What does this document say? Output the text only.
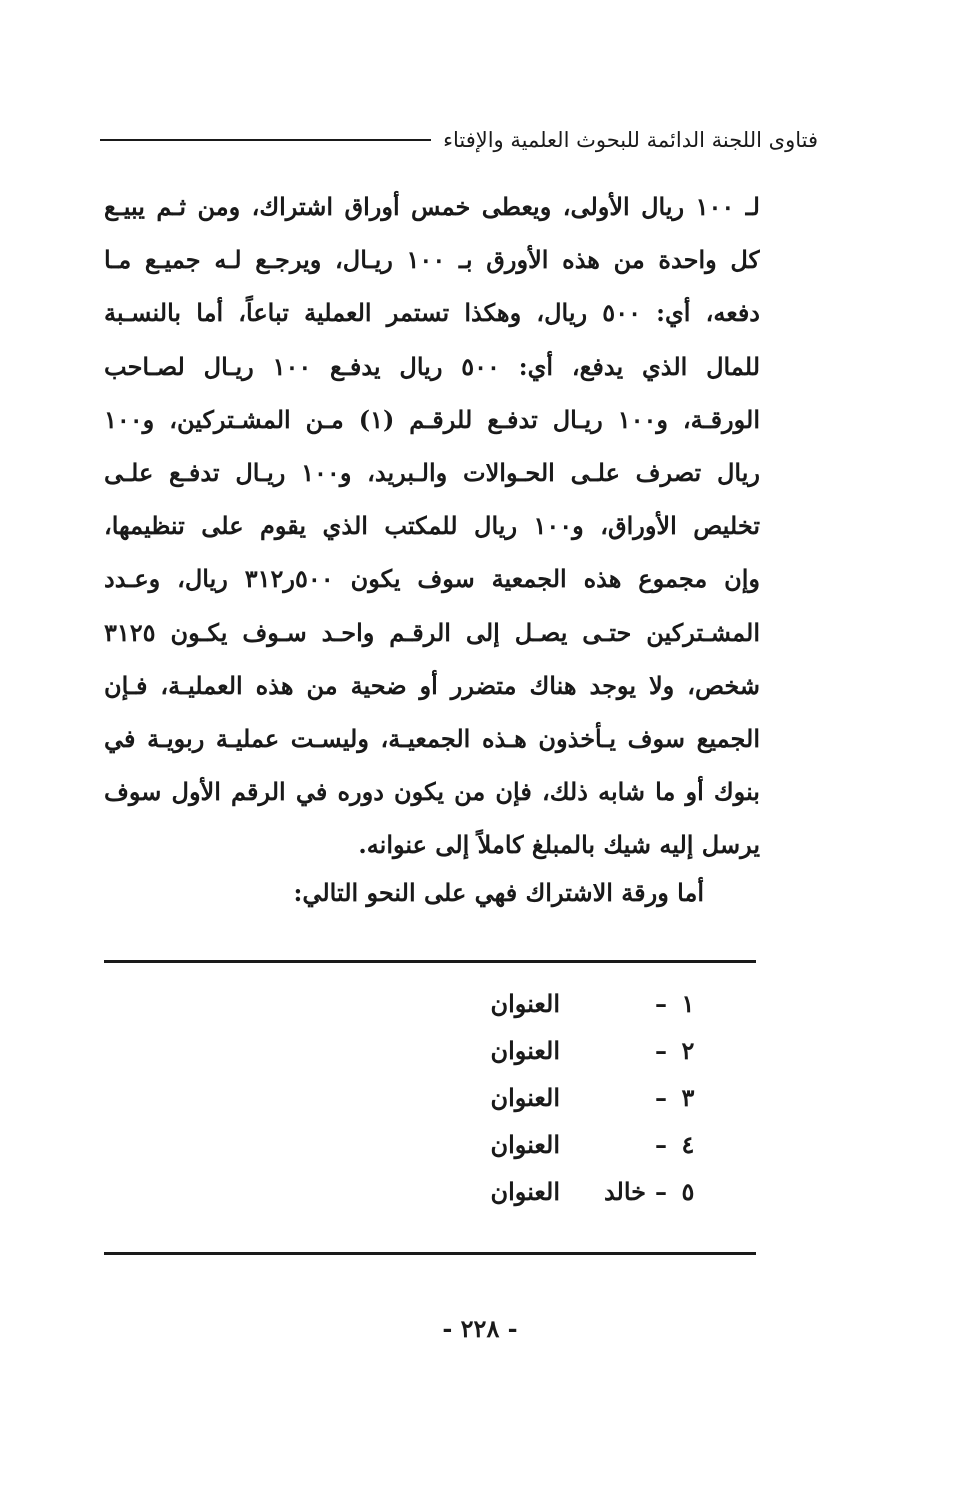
فتاوى اللجنة الدائمة للبحوث العلمية والإفتاء
لـ ١٠٠ ريال الأولى، ويعطى خمس أوراق اشتراك، ومن ثـم يبيـع
كل واحدة من هذه الأورق بـ ١٠٠ ريـال، ويرجـع لـه جميـع مـا
دفعه، أي: ٥٠٠ ريال، وهكذا تستمر العملية تباعاً، أما بالنسـبة
للمال الذي يدفع، أي: ٥٠٠ ريال يدفـع ١٠٠ ريـال لصـاحب
الورقـة، و١٠٠ ريـال تدفـع للرقـم (١) مـن المشـتركين، و١٠٠
ريال تصرف علـى الحـوالات والـبريد، و١٠٠ ريـال تدفـع علـى
تخليص الأوراق، و١٠٠ ريال للمكتب الذي يقوم على تنظيمها،
وإن مجموع هذه الجمعية سوف يكون ٥٠٠ر٣١٢ ريال، وعـدد
المشـتركين حتـى يصـل إلى الرقـم واحـد سـوف يكـون ٣١٢٥
شخص، ولا يوجد هناك متضرر أو ضحية من هذه العمليـة، فـإن
الجميع سوف يـأخذون هـذه الجمعيـة، وليسـت عمليـة ربويـة في
بنوك أو ما شابه ذلك، فإن من يكون دوره في الرقم الأول سوف
يرسل إليه شيك بالمبلغ كاملاً إلى عنوانه.
أما ورقة الاشتراك فهي على النحو التالي:
١
–
العنوان
٢
–
العنوان
٣
–
العنوان
٤
–
العنوان
٥
–
خالد
العنوان
- ٢٢٨ -
